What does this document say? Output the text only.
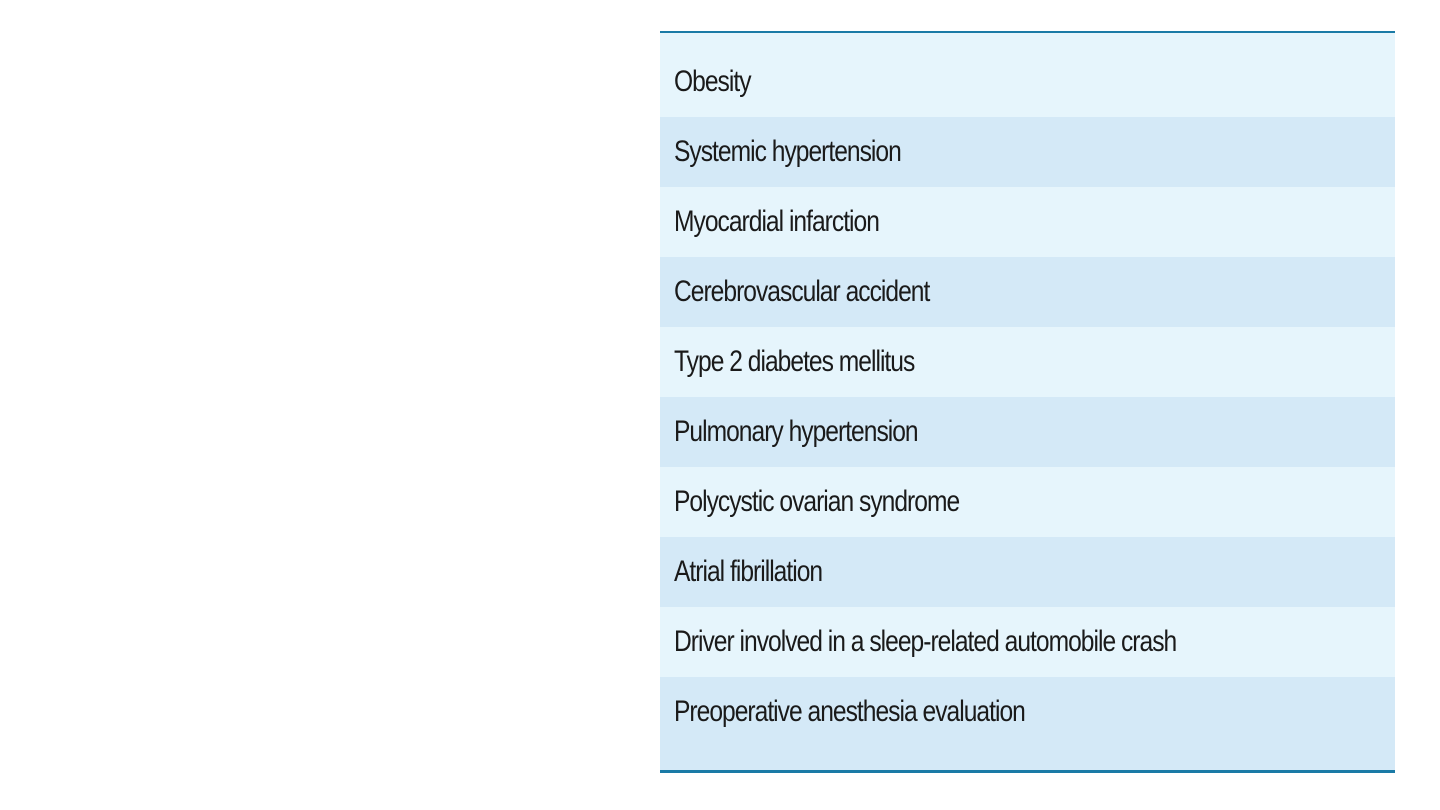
Obesity
Systemic hypertension
Myocardial infarction
Cerebrovascular accident
Type 2 diabetes mellitus
Pulmonary hypertension
Polycystic ovarian syndrome
Atrial fibrillation
Driver involved in a sleep-related automobile crash
Preoperative anesthesia evaluation
